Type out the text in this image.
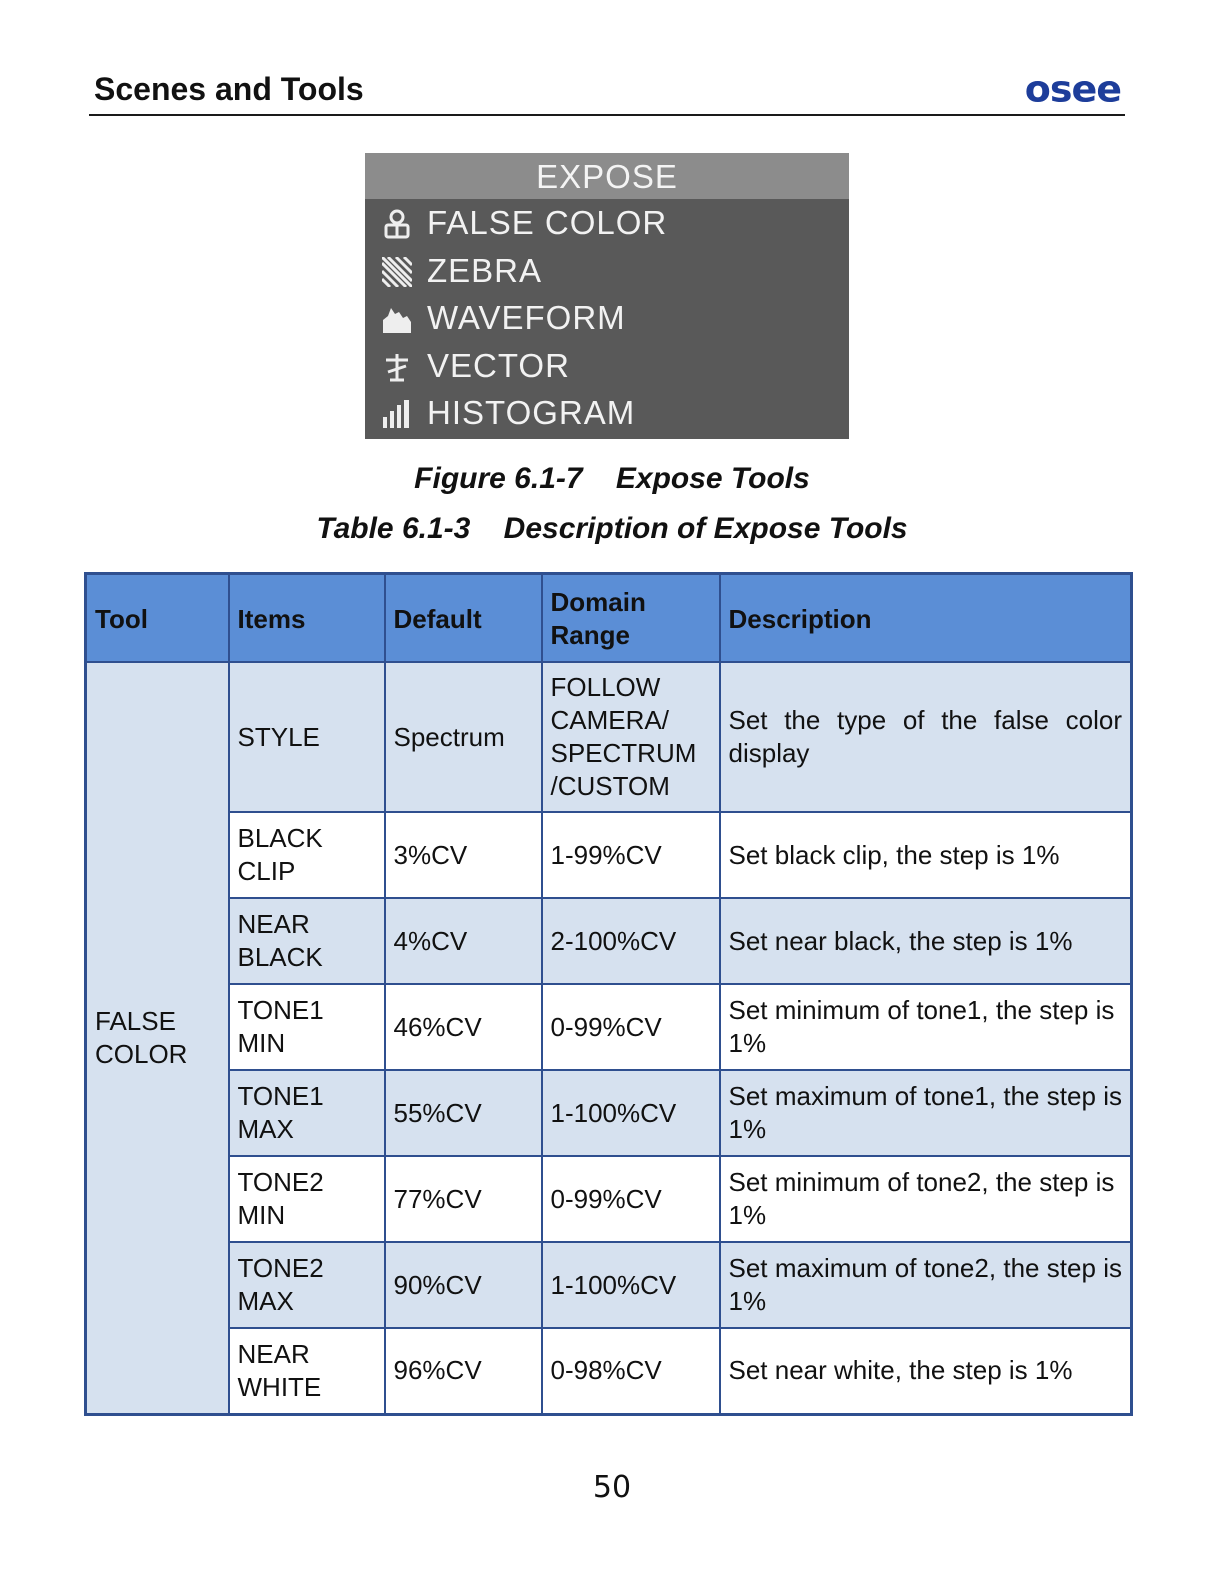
Scenes and Tools	osee
EXPOSE
FALSE COLOR
ZEBRA
WAVEFORM
VECTOR
HISTOGRAM
Figure 6.1-7    Expose Tools
Table 6.1-3    Description of Expose Tools
Tool	Items	Default	Domain Range	Description
FALSE COLOR	STYLE	Spectrum	FOLLOW CAMERA/ SPECTRUM /CUSTOM	Set the type of the false color display
	BLACK CLIP	3%CV	1-99%CV	Set black clip, the step is 1%
	NEAR BLACK	4%CV	2-100%CV	Set near black, the step is 1%
	TONE1 MIN	46%CV	0-99%CV	Set minimum of tone1, the step is 1%
	TONE1 MAX	55%CV	1-100%CV	Set maximum of tone1, the step is 1%
	TONE2 MIN	77%CV	0-99%CV	Set minimum of tone2, the step is 1%
	TONE2 MAX	90%CV	1-100%CV	Set maximum of tone2, the step is 1%
	NEAR WHITE	96%CV	0-98%CV	Set near white, the step is 1%
50
